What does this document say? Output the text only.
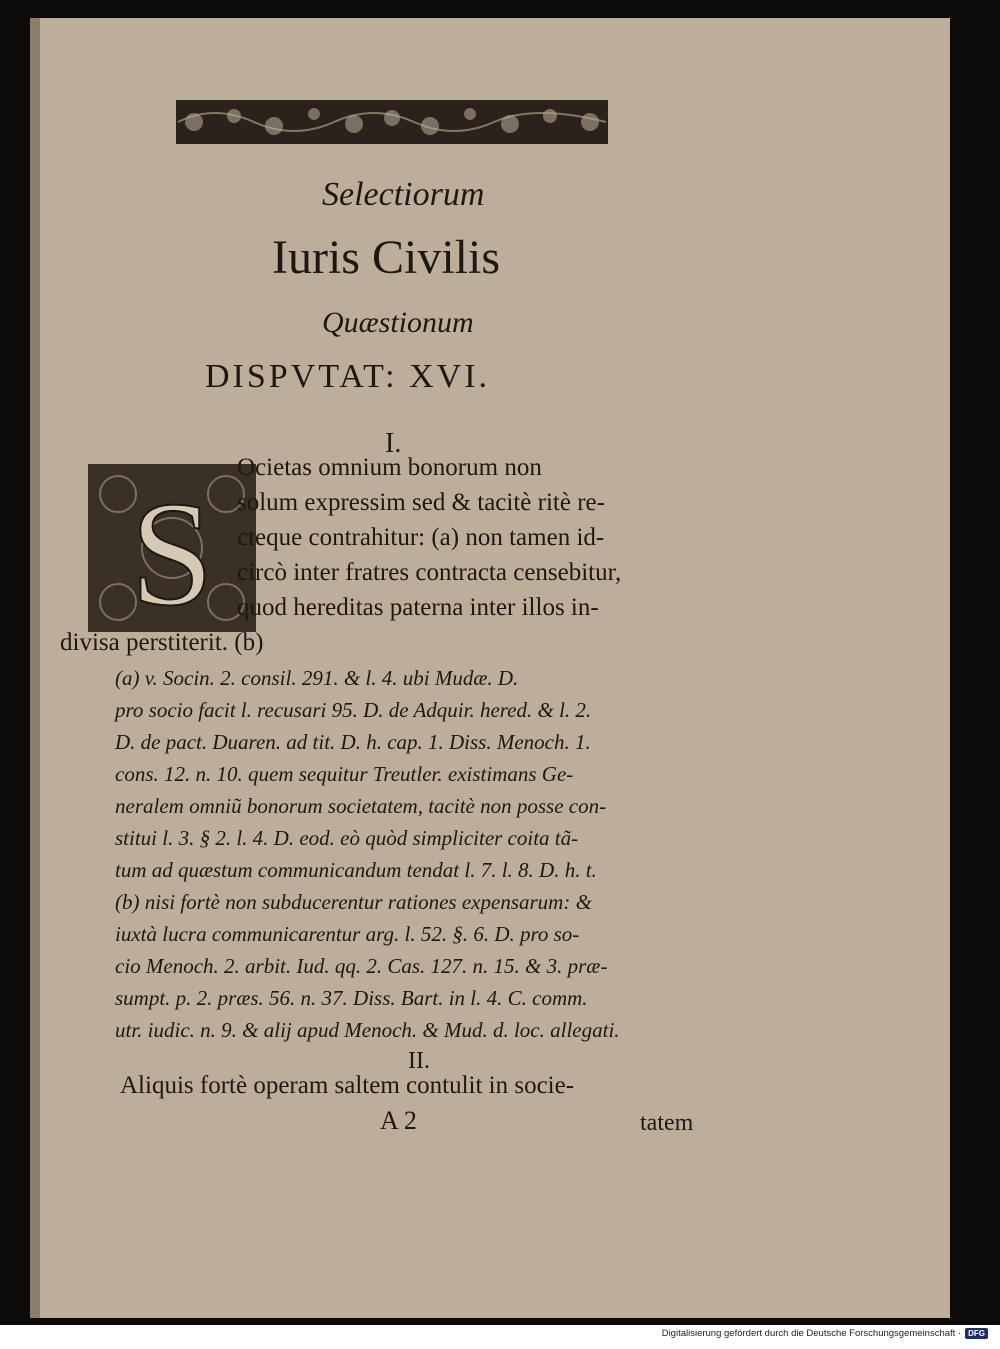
Selectiorum
Iuris Civilis
Quæstionum
DISPVTAT: XVI.
I.
S
Ocietas omnium bonorum non
solum expressim sed & tacitè ritè re-
cteque contrahitur: (a) non tamen id-
circò inter fratres contracta censebitur,
quod hereditas paterna inter illos in-
divisa perstiterit. (b)
(a) v. Socin. 2. consil. 291. & l. 4. ubi Mudæ. D.
pro socio facit l. recusari 95. D. de Adquir. hered. & l. 2.
D. de pact. Duaren. ad tit. D. h. cap. 1. Diss. Menoch. 1.
cons. 12. n. 10. quem sequitur Treutler. existimans Ge-
neralem omniũ bonorum societatem, tacitè non posse con-
stitui l. 3. § 2. l. 4. D. eod. eò quòd simpliciter coita tã-
tum ad quæstum communicandum tendat l. 7. l. 8. D. h. t.
(b) nisi fortè non subducerentur rationes expensarum: &
iuxtà lucra communicarentur arg. l. 52. §. 6. D. pro so-
cio Menoch. 2. arbit. Iud. qq. 2. Cas. 127. n. 15. & 3. præ-
sumpt. p. 2. præs. 56. n. 37. Diss. Bart. in l. 4. C. comm.
utr. iudic. n. 9. & alij apud Menoch. & Mud. d. loc. allegati.
II.
Aliquis fortè operam saltem contulit in socie-
A 2	tatem
Digitalisierung gefördert durch die Deutsche Forschungsgemeinschaft · DFG
